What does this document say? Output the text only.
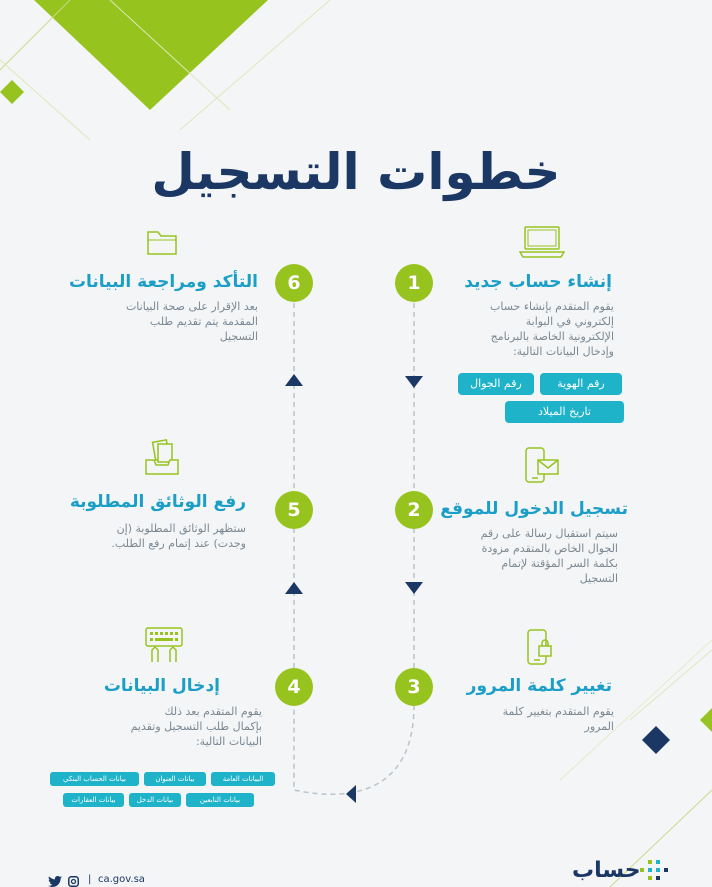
خطوات التسجيل
1	إنشاء حساب جديد
يقوم المتقدم بإنشاء حساب
إلكتروني في البوابة
الإلكترونية الخاصة بالبرنامج
وإدخال البيانات التالية:
رقم الهوية
رقم الجوال
تاريخ الميلاد
2	تسجيل الدخول للموقع
سيتم استقبال رسالة على رقم
الجوال الخاص بالمتقدم مزودة
بكلمة السر المؤقتة لإتمام
التسجيل
3	تغيير كلمة المرور
يقوم المتقدم بتغيير كلمة
المرور
4
إدخال البيانات
يقوم المتقدم بعد ذلك
بإكمال طلب التسجيل وتقديم
البيانات التالية:
البيانات العامة
بيانات العنوان
بيانات الحساب البنكي
بيانات التابعين
بيانات الدخل
بيانات العقارات
5
رفع الوثائق المطلوبة
ستظهر الوثائق المطلوبة (إن
وجدت) عند إتمام رفع الطلب.
6
التأكد ومراجعة البيانات
بعد الإقرار على صحة البيانات
المقدمة يتم تقديم طلب
التسجيل
| ca.gov.sa	حساب
